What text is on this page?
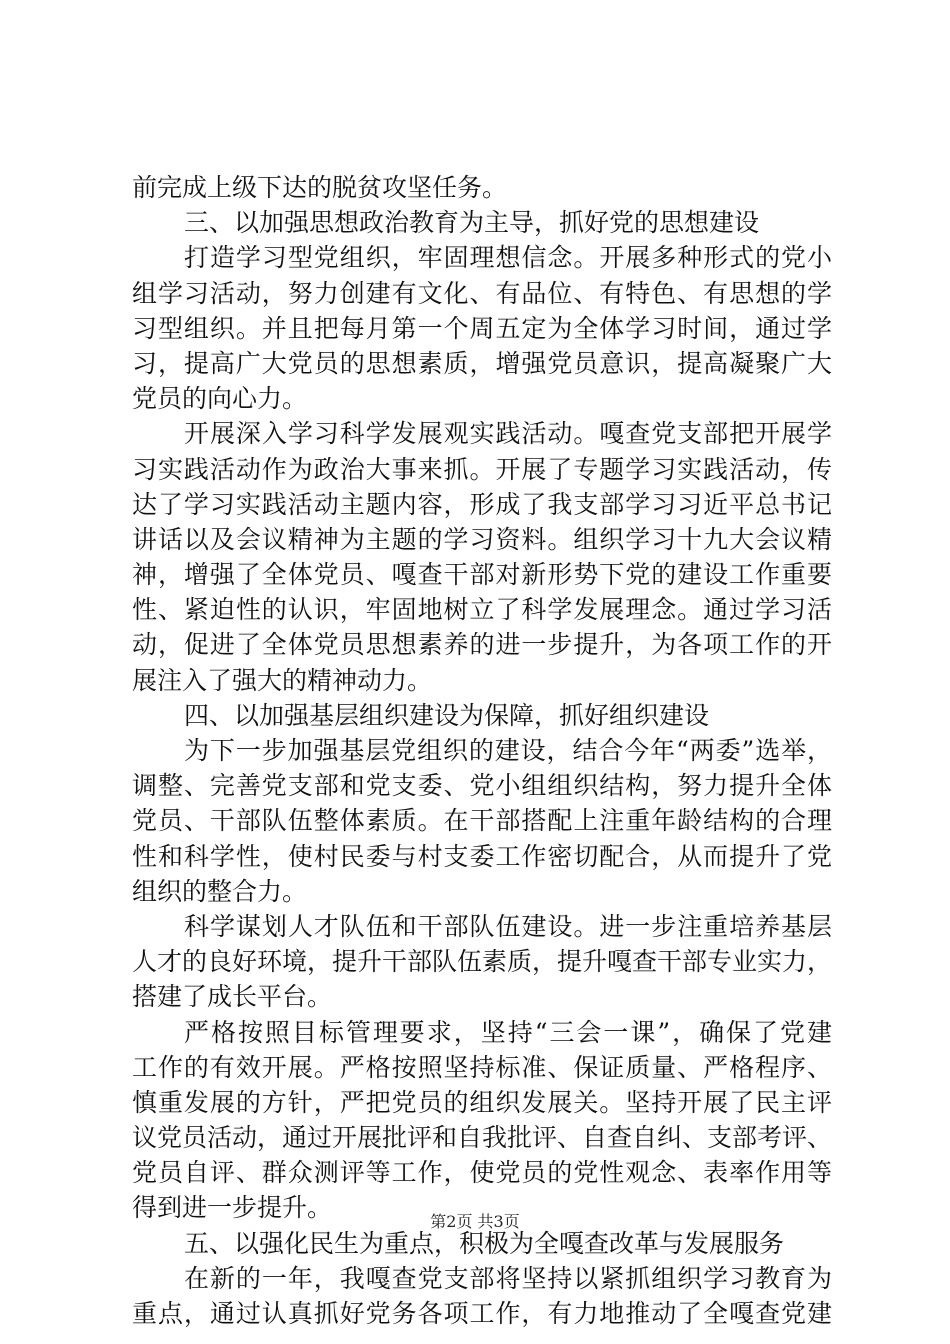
前完成上级下达的脱贫攻坚任务。
三、以加强思想政治教育为主导，抓好党的思想建设
打造学习型党组织，牢固理想信念。开展多种形式的党小
组学习活动，努力创建有文化、有品位、有特色、有思想的学
习型组织。并且把每月第一个周五定为全体学习时间，通过学
习，提高广大党员的思想素质，增强党员意识，提高凝聚广大
党员的向心力。
开展深入学习科学发展观实践活动。嘎查党支部把开展学
习实践活动作为政治大事来抓。开展了专题学习实践活动，传
达了学习实践活动主题内容，形成了我支部学习习近平总书记
讲话以及会议精神为主题的学习资料。组织学习十九大会议精
神，增强了全体党员、嘎查干部对新形势下党的建设工作重要
性、紧迫性的认识，牢固地树立了科学发展理念。通过学习活
动，促进了全体党员思想素养的进一步提升，为各项工作的开
展注入了强大的精神动力。
四、以加强基层组织建设为保障，抓好组织建设
为下一步加强基层党组织的建设，结合今年“两委”选举，
调整、完善党支部和党支委、党小组组织结构，努力提升全体
党员、干部队伍整体素质。在干部搭配上注重年龄结构的合理
性和科学性，使村民委与村支委工作密切配合，从而提升了党
组织的整合力。
科学谋划人才队伍和干部队伍建设。进一步注重培养基层
人才的良好环境，提升干部队伍素质，提升嘎查干部专业实力，
搭建了成长平台。
严格按照目标管理要求，坚持“三会一课”，确保了党建
工作的有效开展。严格按照坚持标准、保证质量、严格程序、
慎重发展的方针，严把党员的组织发展关。坚持开展了民主评
议党员活动，通过开展批评和自我批评、自查自纠、支部考评、
党员自评、群众测评等工作，使党员的党性观念、表率作用等
得到进一步提升。
五、以强化民生为重点，积极为全嘎查改革与发展服务
在新的一年，我嘎查党支部将坚持以紧抓组织学习教育为
重点，通过认真抓好党务各项工作，有力地推动了全嘎查党建
第2页 共3页
